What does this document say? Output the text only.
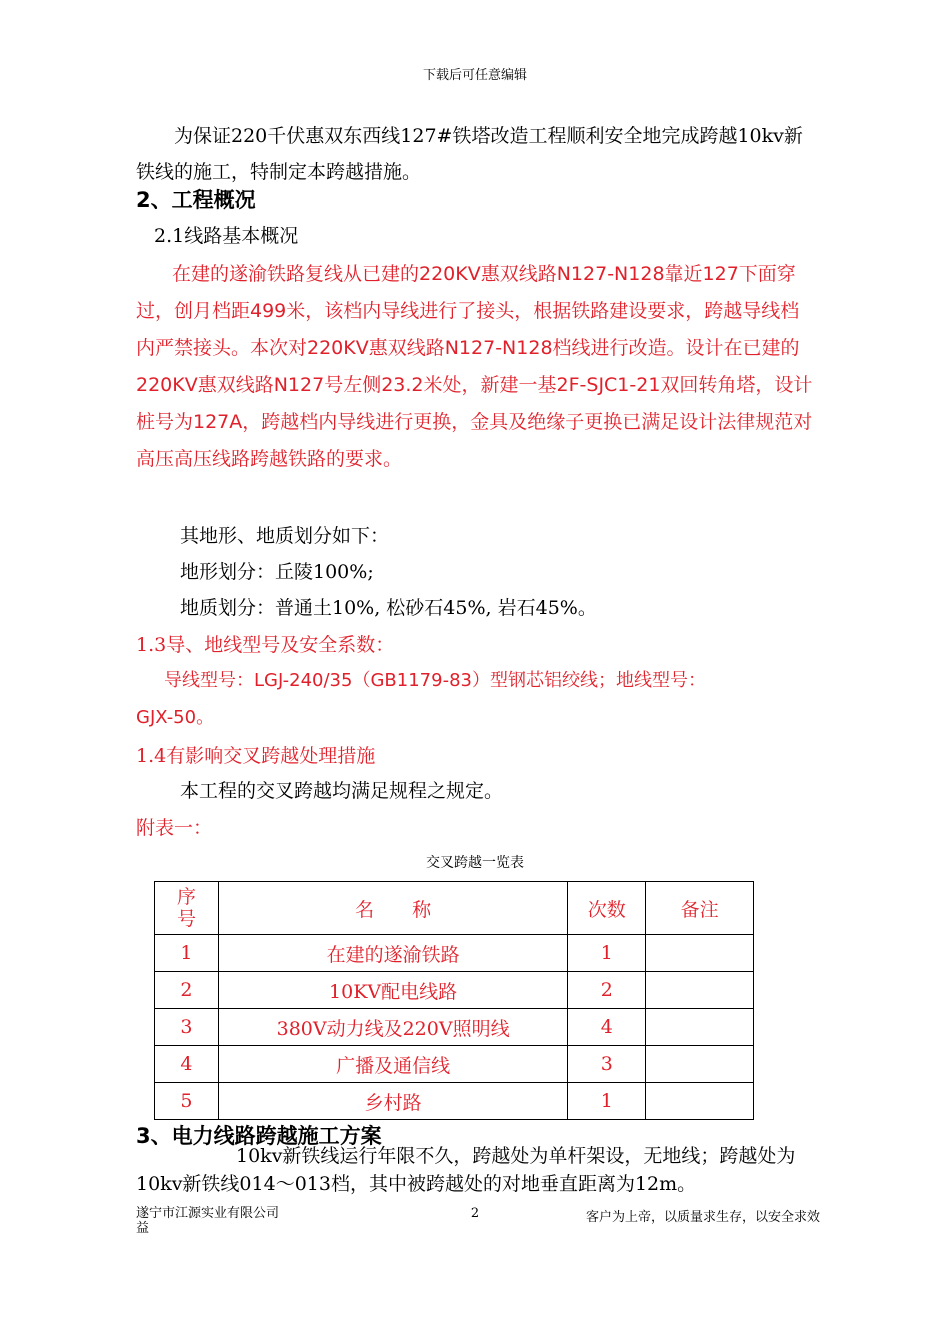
下载后可任意编辑
为保证220千伏惠双东西线127#铁塔改造工程顺利安全地完成跨越10kv新铁线的施工，特制定本跨越措施。
2、工程概况
2.1线路基本概况
在建的遂渝铁路复线从已建的220KV惠双线路N127-N128靠近127下面穿过，创月档距499米，该档内导线进行了接头，根据铁路建设要求，跨越导线档内严禁接头。本次对220KV惠双线路N127-N128档线进行改造。设计在已建的220KV惠双线路N127号左侧23.2米处，新建一基2F-SJC1-21双回转角塔，设计桩号为127A，跨越档内导线进行更换，金具及绝缘子更换已满足设计法律规范对高压高压线路跨越铁路的要求。
其地形、地质划分如下：
地形划分：丘陵100%;
地质划分：普通土10%, 松砂石45%, 岩石45%。
1.3导、地线型号及安全系数：
导线型号：LGJ-240/35（GB1179-83）型钢芯铝绞线；地线型号：
GJX-50。
1.4有影响交叉跨越处理措施
本工程的交叉跨越均满足规程之规定。
附表一：
交叉跨越一览表
序
号	名　　称	次数	备注
1	在建的遂渝铁路	1	
2	10KV配电线路	2	
3	380V动力线及220V照明线	4	
4	广播及通信线	3	
5	乡村路	1	
3、电力线路跨越施工方案
10kv新铁线运行年限不久，跨越处为单杆架设，无地线；跨越处为10kv新铁线014～013档，其中被跨越处的对地垂直距离为12m。
遂宁市江源实业有限公司
益
2	客户为上帝，以质量求生存，以安全求效
